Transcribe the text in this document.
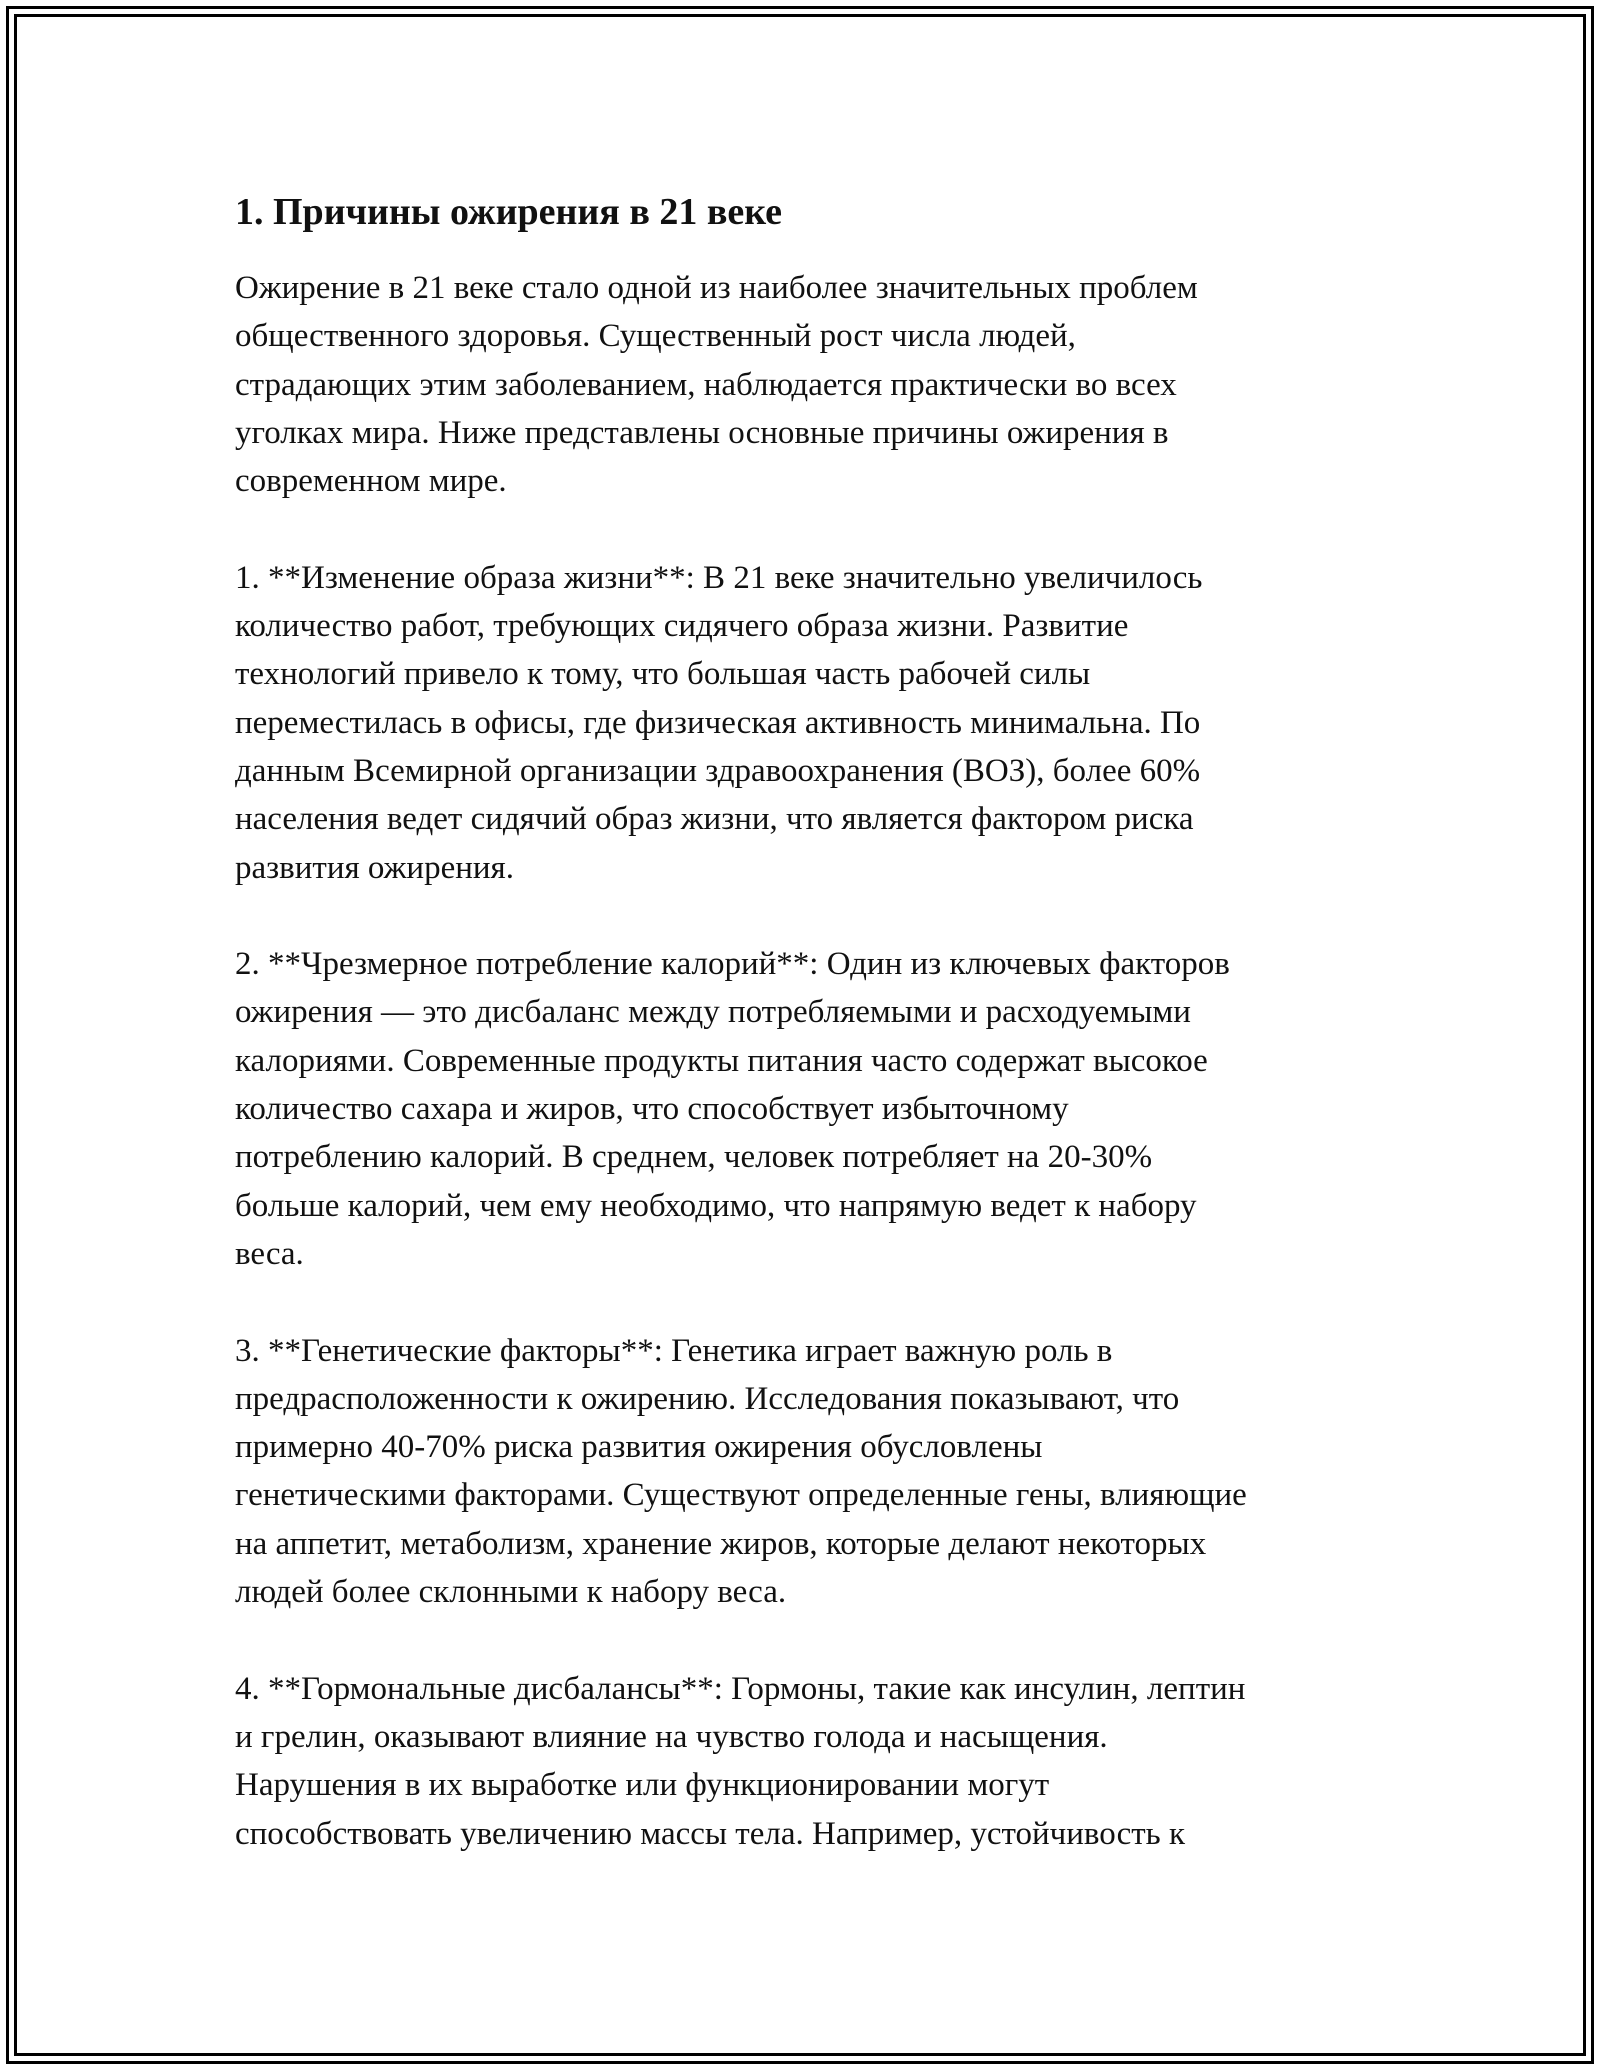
1. Причины ожирения в 21 веке

Ожирение в 21 веке стало одной из наиболее значительных проблем
общественного здоровья. Существенный рост числа людей,
страдающих этим заболеванием, наблюдается практически во всех
уголках мира. Ниже представлены основные причины ожирения в
современном мире.

1. **Изменение образа жизни**: В 21 веке значительно увеличилось
количество работ, требующих сидячего образа жизни. Развитие
технологий привело к тому, что большая часть рабочей силы
переместилась в офисы, где физическая активность минимальна. По
данным Всемирной организации здравоохранения (ВОЗ), более 60%
населения ведет сидячий образ жизни, что является фактором риска
развития ожирения.

2. **Чрезмерное потребление калорий**: Один из ключевых факторов
ожирения — это дисбаланс между потребляемыми и расходуемыми
калориями. Современные продукты питания часто содержат высокое
количество сахара и жиров, что способствует избыточному
потреблению калорий. В среднем, человек потребляет на 20-30%
больше калорий, чем ему необходимо, что напрямую ведет к набору
веса.

3. **Генетические факторы**: Генетика играет важную роль в
предрасположенности к ожирению. Исследования показывают, что
примерно 40-70% риска развития ожирения обусловлены
генетическими факторами. Существуют определенные гены, влияющие
на аппетит, метаболизм, хранение жиров, которые делают некоторых
людей более склонными к набору веса.

4. **Гормональные дисбалансы**: Гормоны, такие как инсулин, лептин
и грелин, оказывают влияние на чувство голода и насыщения.
Нарушения в их выработке или функционировании могут
способствовать увеличению массы тела. Например, устойчивость к
